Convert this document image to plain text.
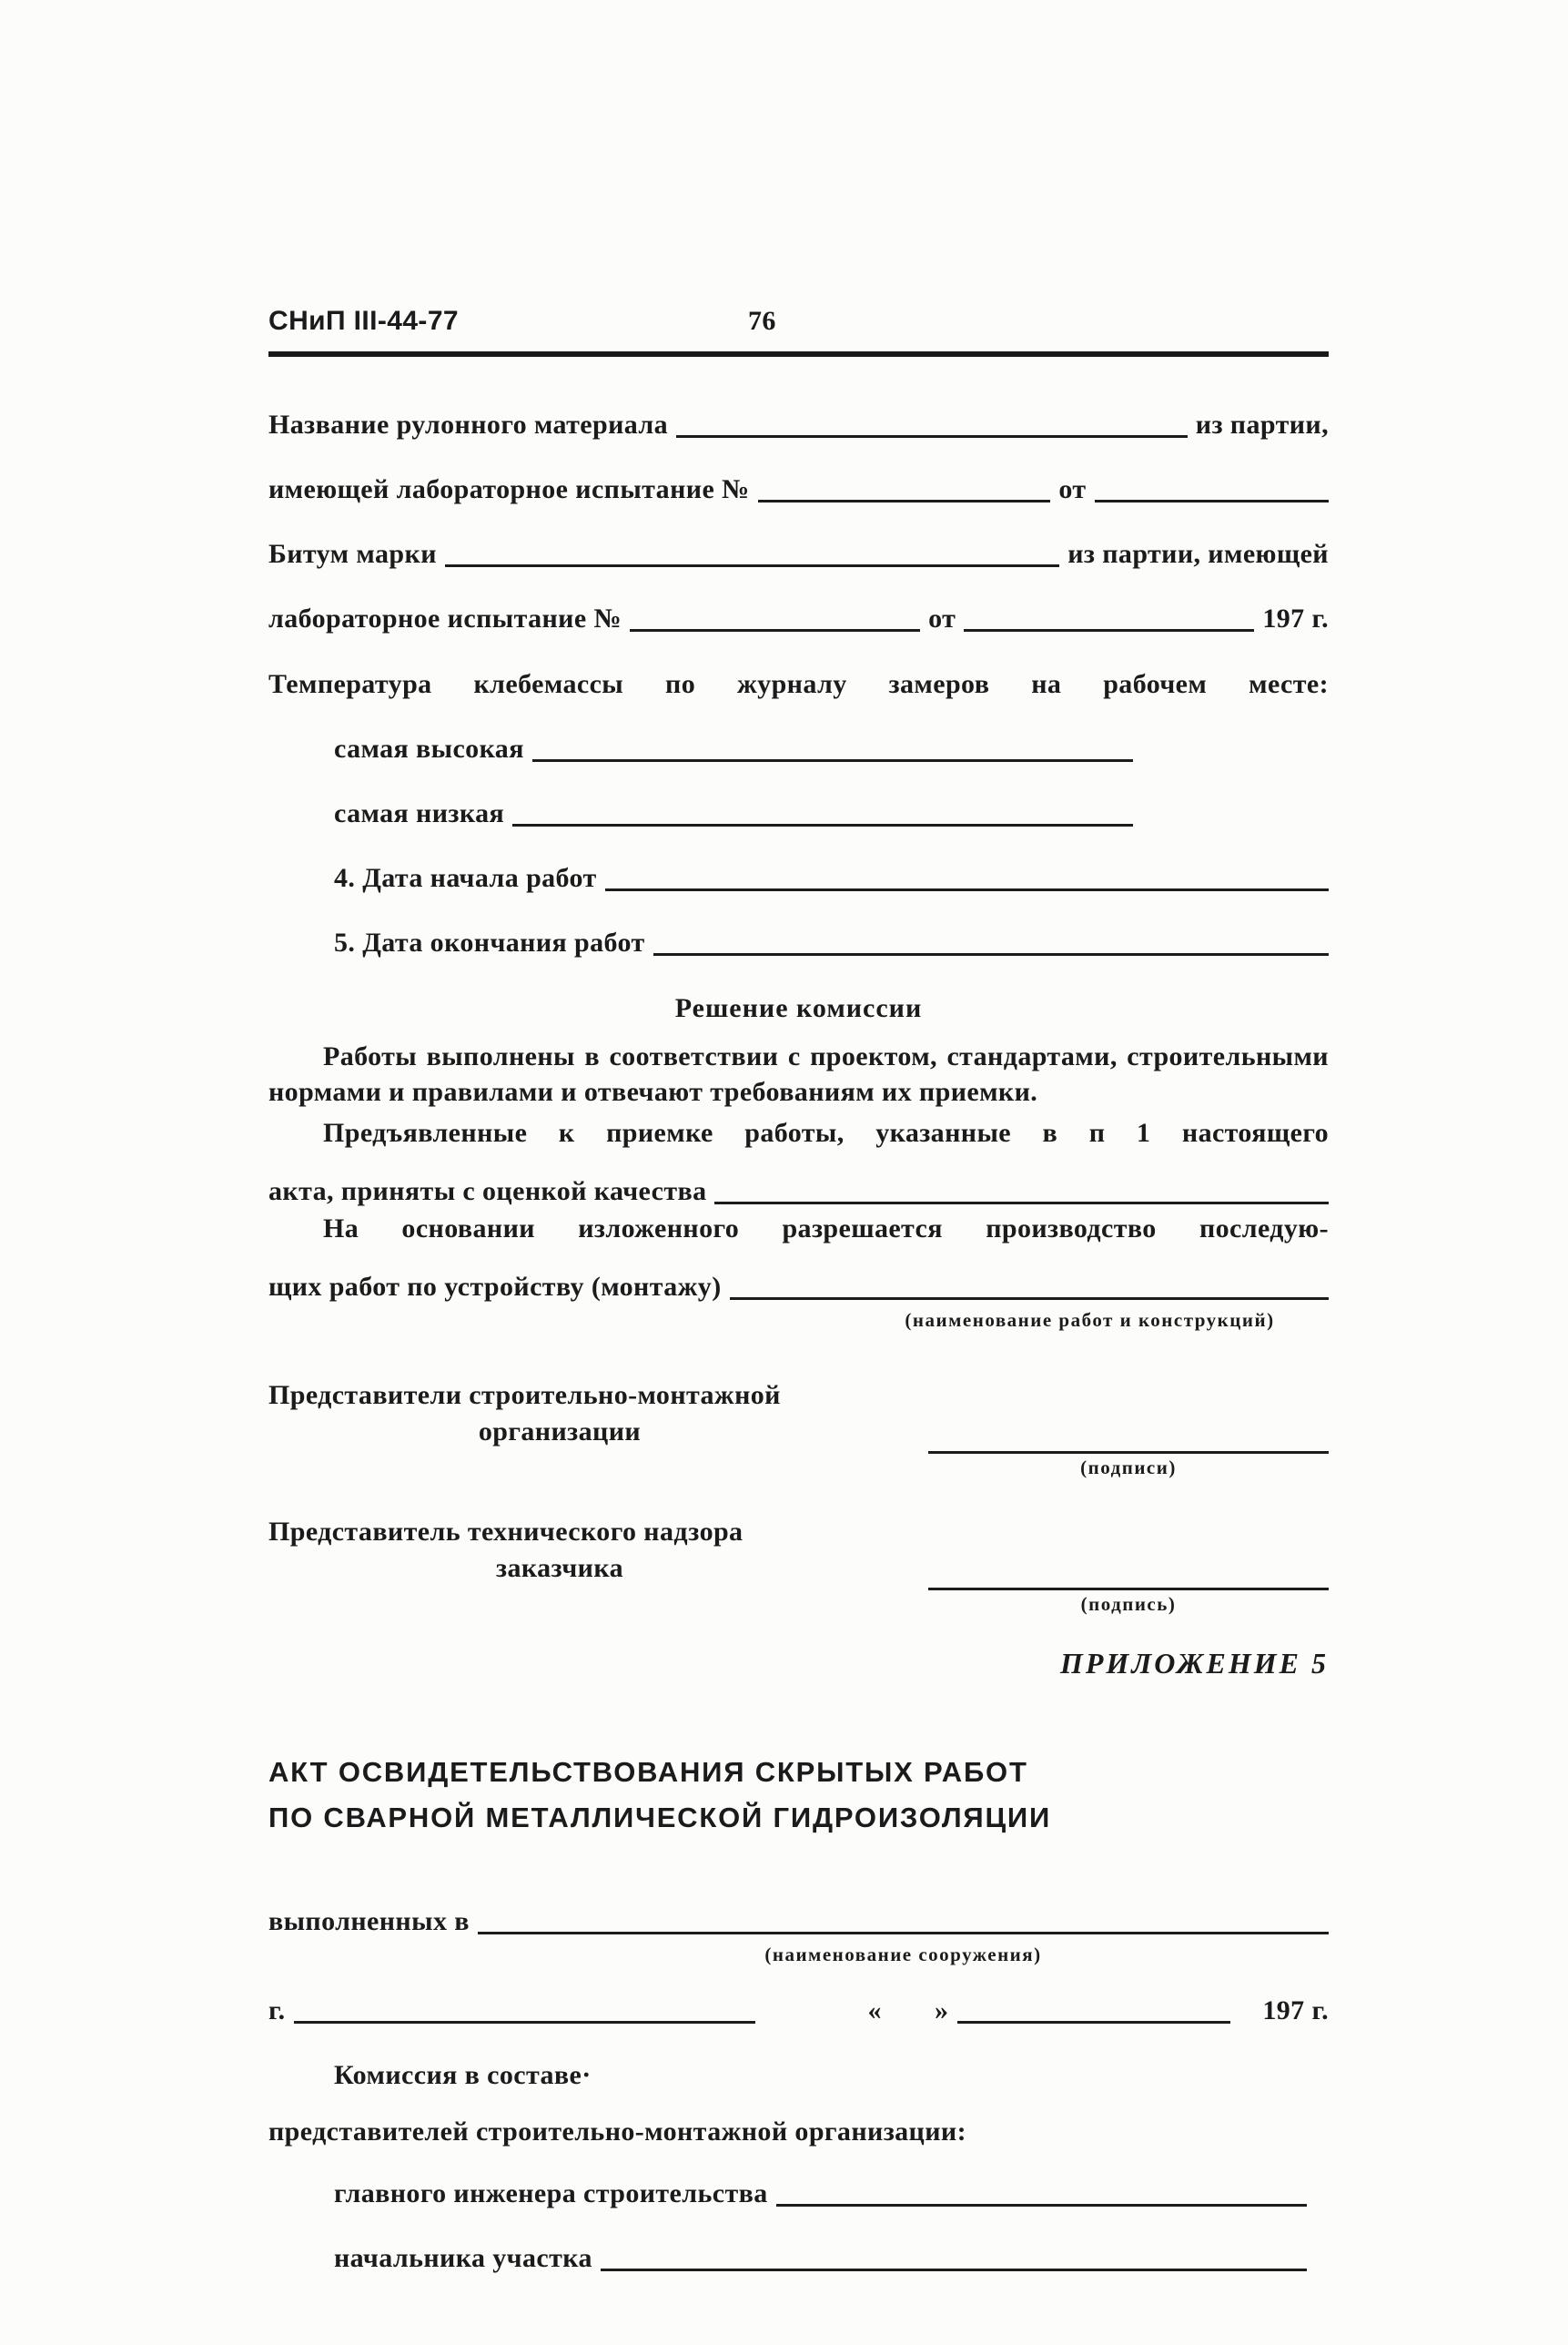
СНиП III-44-77	76
Название рулонного материала	из партии,
имеющей лабораторное испытание №	от
Битум марки	из партии, имеющей
лабораторное испытание №	от	197 г.
Температура клебемассы по журналу замеров на рабочем месте:
самая высокая
самая низкая
4. Дата начала работ
5. Дата окончания работ
Решение комиссии
Работы выполнены в соответствии с проектом, стандартами, строительными нормами и правилами и отвечают требованиям их приемки.
Предъявленные к приемке работы, указанные в п 1 настоящего
акта, приняты с оценкой качества
На основании изложенного разрешается производство последую-
щих работ по устройству (монтажу)
(наименование работ и конструкций)
Представители строительно-монтажной
организации
(подписи)
Представитель технического надзора
заказчика
(подпись)
ПРИЛОЖЕНИЕ 5
АКТ ОСВИДЕТЕЛЬСТВОВАНИЯ СКРЫТЫХ РАБОТ
ПО СВАРНОЙ МЕТАЛЛИЧЕСКОЙ ГИДРОИЗОЛЯЦИИ
выполненных в
(наименование сооружения)
г.	« »	197 г.
Комиссия в составе·
представителей строительно-монтажной организации:
главного инженера строительства
начальника участка
